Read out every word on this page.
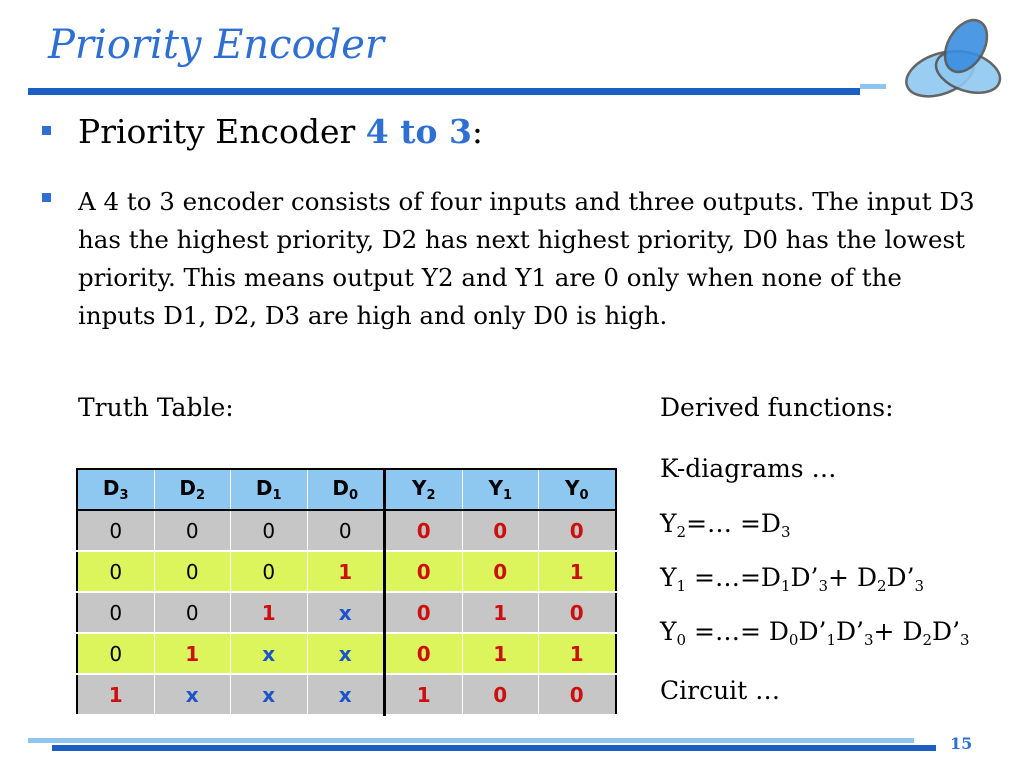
Priority Encoder
Priority Encoder 4 to 3:
A 4 to 3 encoder consists of four inputs and three outputs. The input D3 has the highest priority, D2 has next highest priority, D0 has the lowest priority. This means output Y2 and Y1 are 0 only when none of the inputs D1, D2, D3 are high and only D0 is high.
Truth Table:
$D_3$	$D_2$	$D_1$	$D_0$	$Y_2$	$Y_1$	$Y_0$
0	0	0	0	0	0	0
0	0	0	1	0	0	1
0	0	1	x	0	1	0
0	1	x	x	0	1	1
1	x	x	x	1	0	0
Derived functions:
K-diagrams …
$Y_2=\dots =D_3$
$Y_1$ $=\dots=D_1D’_3+$ $D_2D’_3$
$Y_0$ =…= $D_0D’_1D’_3+$ $D_2D’_3$
Circuit …
15
